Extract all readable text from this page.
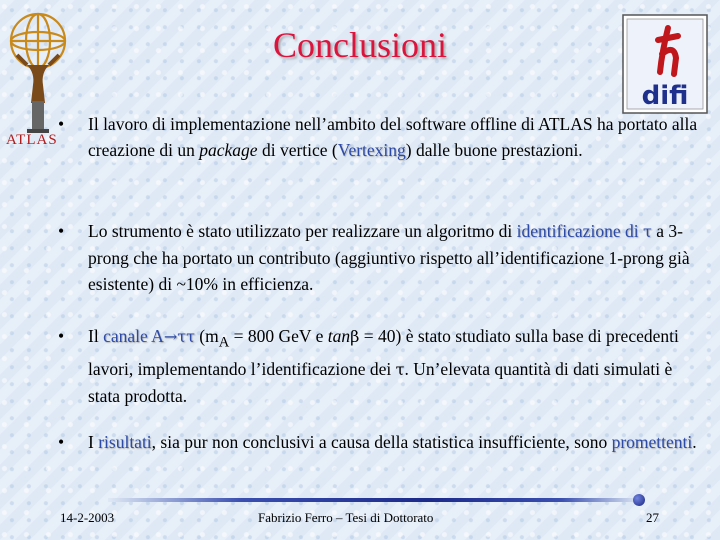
ATLAS
Conclusioni
difi
•	Il lavoro di implementazione nell’ambito del software offline di ATLAS ha portato alla creazione di un package di vertice (Vertexing) dalle buone prestazioni.
•	Lo strumento è stato utilizzato per realizzare un algoritmo di identificazione di τ a 3-prong che ha portato un contributo (aggiuntivo rispetto all’identificazione 1-prong già esistente) di ~10% in efficienza.
•	Il canale A→ττ ($m_A = 800$ GeV e tanβ = 40) è stato studiato sulla base di precedenti lavori, implementando l’identificazione dei τ. Un’elevata quantità di dati simulati è stata prodotta.
•	I risultati, sia pur non conclusivi a causa della statistica insufficiente, sono promettenti.
14-2-2003	Fabrizio Ferro – Tesi di Dottorato	27
